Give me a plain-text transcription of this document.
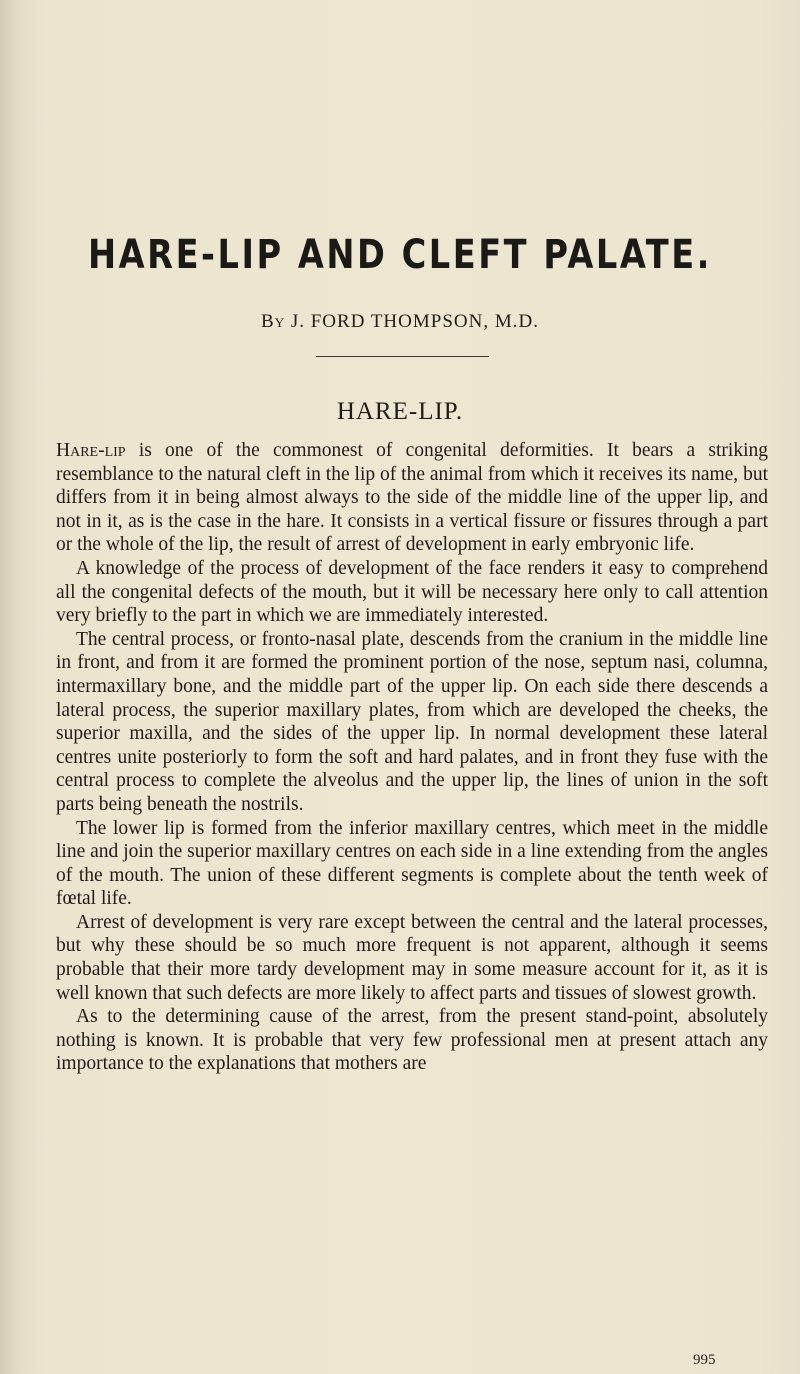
HARE-LIP AND CLEFT PALATE.
By J. FORD THOMPSON, M.D.
HARE-LIP.

Hare-lip is one of the commonest of congenital deformities. It bears a striking resemblance to the natural cleft in the lip of the animal from which it receives its name, but differs from it in being almost always to the side of the middle line of the upper lip, and not in it, as is the case in the hare. It consists in a vertical fissure or fissures through a part or the whole of the lip, the result of arrest of development in early embryonic life.

A knowledge of the process of development of the face renders it easy to comprehend all the congenital defects of the mouth, but it will be necessary here only to call attention very briefly to the part in which we are immediately interested.

The central process, or fronto-nasal plate, descends from the cranium in the middle line in front, and from it are formed the prominent portion of the nose, septum nasi, columna, intermaxillary bone, and the middle part of the upper lip. On each side there descends a lateral process, the superior maxillary plates, from which are developed the cheeks, the superior maxilla, and the sides of the upper lip. In normal development these lateral centres unite posteriorly to form the soft and hard palates, and in front they fuse with the central process to complete the alveolus and the upper lip, the lines of union in the soft parts being beneath the nostrils.

The lower lip is formed from the inferior maxillary centres, which meet in the middle line and join the superior maxillary centres on each side in a line extending from the angles of the mouth. The union of these different segments is complete about the tenth week of fœtal life.

Arrest of development is very rare except between the central and the lateral processes, but why these should be so much more frequent is not apparent, although it seems probable that their more tardy development may in some measure account for it, as it is well known that such defects are more likely to affect parts and tissues of slowest growth.

As to the determining cause of the arrest, from the present stand-point, absolutely nothing is known. It is probable that very few professional men at present attach any importance to the explanations that mothers are

995
